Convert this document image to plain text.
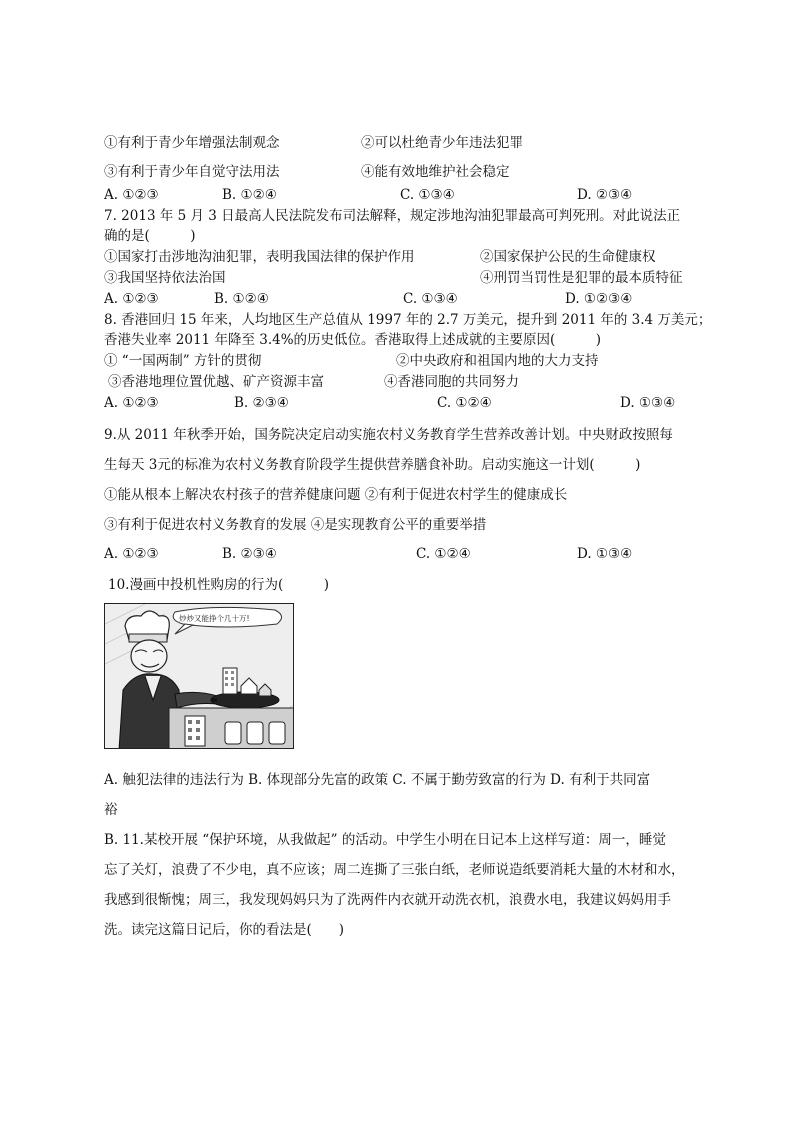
①有利于青少年增强法制观念	②可以杜绝青少年违法犯罪
③有利于青少年自觉守法用法	④能有效地维护社会稳定
A. ①②③	B. ①②④	C. ①③④	D. ②③④
7. 2013 年 5 月 3 日最高人民法院发布司法解释，规定涉地沟油犯罪最高可判死刑。对此说法正
确的是(　　　)
①国家打击涉地沟油犯罪，表明我国法律的保护作用	②国家保护公民的生命健康权
③我国坚持依法治国	④刑罚当罚性是犯罪的最本质特征
A. ①②③	B. ①②④	C. ①③④	D. ①②③④
8. 香港回归 15 年来，人均地区生产总值从 1997 年的 2.7 万美元，提升到 2011 年的 3.4 万美元；
香港失业率 2011 年降至 3.4%的历史低位。香港取得上述成就的主要原因(　　　)
① “一国两制” 方针的贯彻	②中央政府和祖国内地的大力支持
③香港地理位置优越、矿产资源丰富	④香港同胞的共同努力
A. ①②③	B. ②③④	C. ①②④	D. ①③④
9.从 2011 年秋季开始，国务院决定启动实施农村义务教育学生营养改善计划。中央财政按照每
生每天 3元的标准为农村义务教育阶段学生提供营养膳食补助。启动实施这一计划(　　　)
①能从根本上解决农村孩子的营养健康问题 ②有利于促进农村学生的健康成长
③有利于促进农村义务教育的发展 ④是实现教育公平的重要举措
A. ①②③	B. ②③④	C. ①②④	D. ①③④
10.漫画中投机性购房的行为(　　　)
炒炒又能挣个几十万!
A. 触犯法律的违法行为 B. 体现部分先富的政策 C. 不属于勤劳致富的行为 D. 有利于共同富
裕
B. 11.某校开展 “保护环境，从我做起” 的活动。中学生小明在日记本上这样写道：周一，睡觉
忘了关灯，浪费了不少电，真不应该；周二连撕了三张白纸，老师说造纸要消耗大量的木材和水，
我感到很惭愧；周三，我发现妈妈只为了洗两件内衣就开动洗衣机，浪费水电，我建议妈妈用手
洗。读完这篇日记后，你的看法是(　　)
